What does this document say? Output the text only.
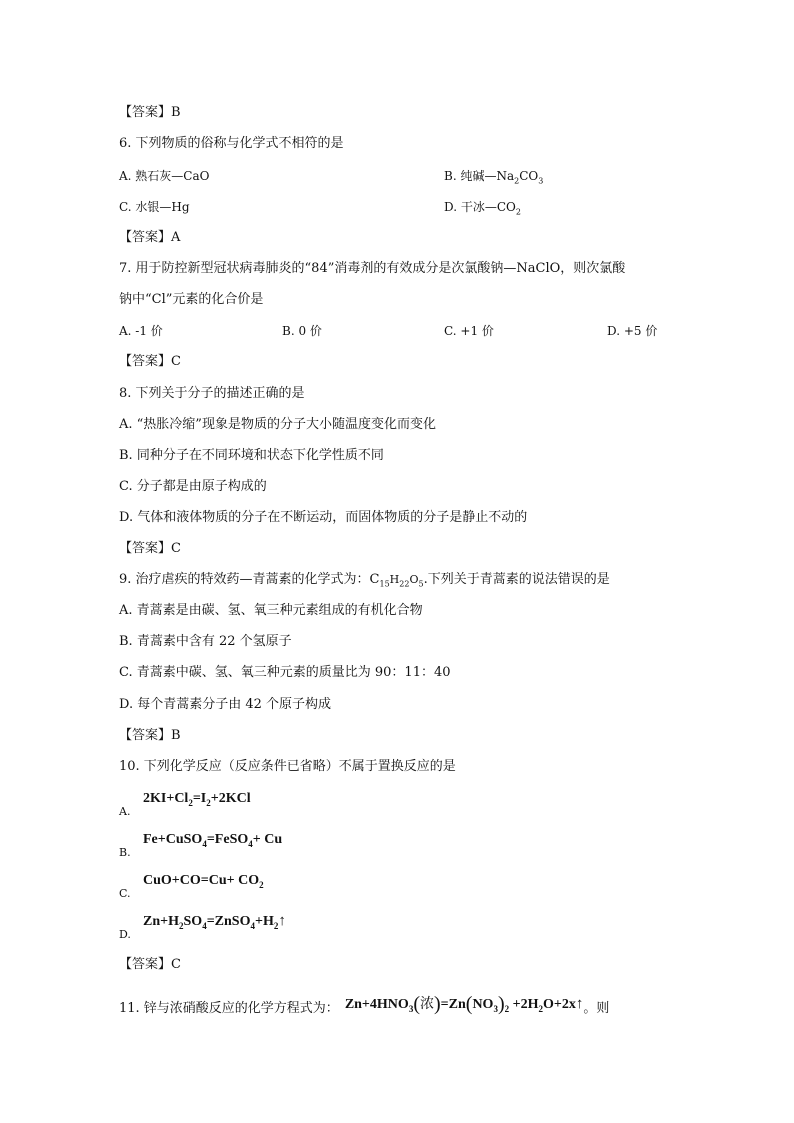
【答案】B
6. 下列物质的俗称与化学式不相符的是
A. 熟石灰—CaO	B. 纯碱$—Na_2CO_3$
C. 水银—Hg	D. 干冰$—CO_2$
【答案】A
7. 用于防控新型冠状病毒肺炎的“84”消毒剂的有效成分是次氯酸钠—NaClO，则次氯酸
钠中“Cl”元素的化合价是
A. -1 价	B. 0 价	C. +1 价	D. +5 价
【答案】C
8. 下列关于分子的描述正确的是
A. “热胀冷缩”现象是物质的分子大小随温度变化而变化
B. 同种分子在不同环境和状态下化学性质不同
C. 分子都是由原子构成的
D. 气体和液体物质的分子在不断运动，而固体物质的分子是静止不动的
【答案】C
9. 治疗虐疾的特效药—青蒿素的化学式为：$C_{15}H_{22}O_5$.下列关于青蒿素的说法错误的是
A. 青蒿素是由碳、氢、氧三种元素组成的有机化合物
B. 青蒿素中含有 22 个氢原子
C. 青蒿素中碳、氢、氧三种元素的质量比为 90：11：40
D. 每个青蒿素分子由 42 个原子构成
【答案】B
10. 下列化学反应（反应条件已省略）不属于置换反应的是
A.
$2KI+Cl_2=I_2+2KCl$
B.
Fe+CuSO$_4$=FeSO$_4$+ Cu
C.
$CuO+CO=Cu+ CO_2$
D.
$Zn+H_2SO_4=ZnSO_4+H_2↑$
【答案】C
11. 锌与浓硝酸反应的化学方程式为： $Zn+4HNO_3$(浓)$=Zn(NO_3)_2$ $+2H_2O+2x↑$。则
